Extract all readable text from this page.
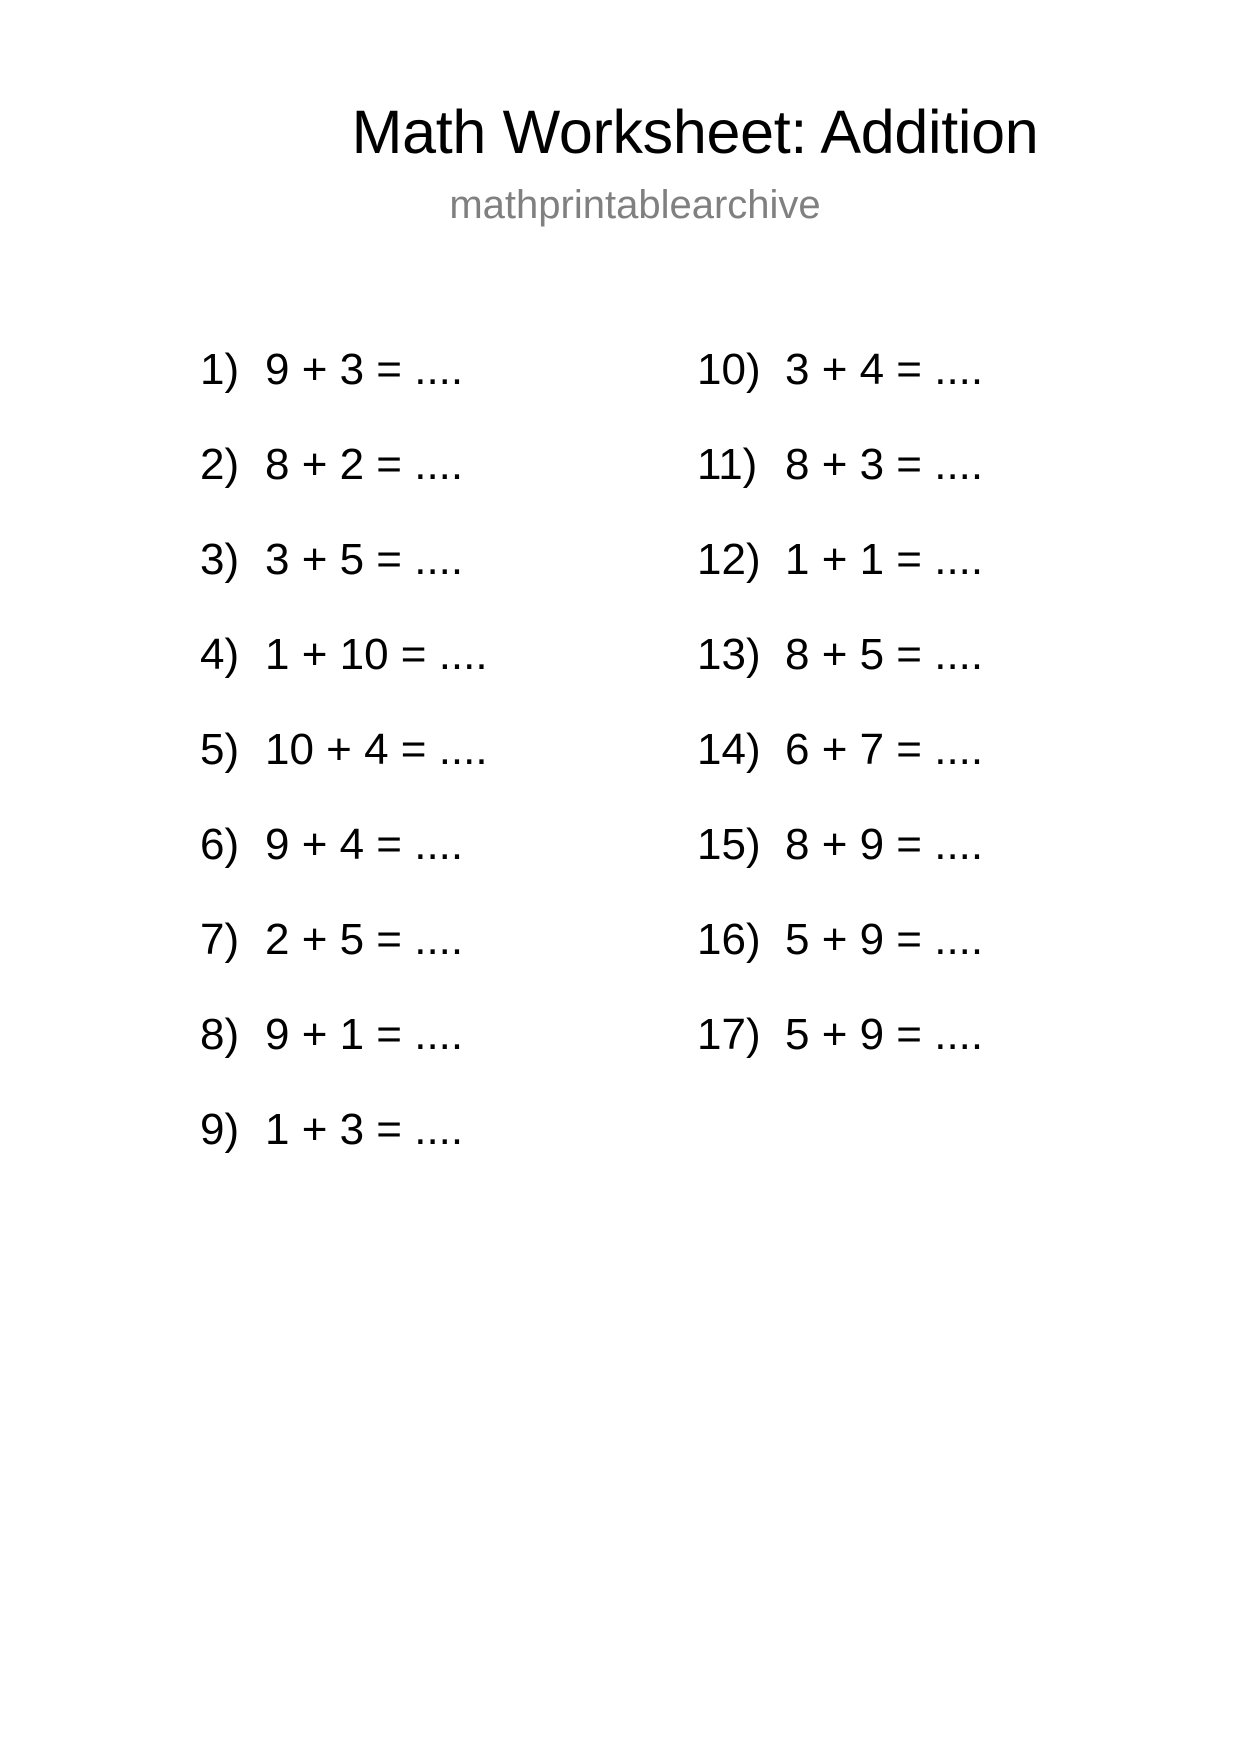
Math Worksheet: Addition
mathprintablearchive
1) 9 + 3 = ....
2) 8 + 2 = ....
3) 3 + 5 = ....
4) 1 + 10 = ....
5) 10 + 4 = ....
6) 9 + 4 = ....
7) 2 + 5 = ....
8) 9 + 1 = ....
9) 1 + 3 = ....
10) 3 + 4 = ....
11) 8 + 3 = ....
12) 1 + 1 = ....
13) 8 + 5 = ....
14) 6 + 7 = ....
15) 8 + 9 = ....
16) 5 + 9 = ....
17) 5 + 9 = ....
